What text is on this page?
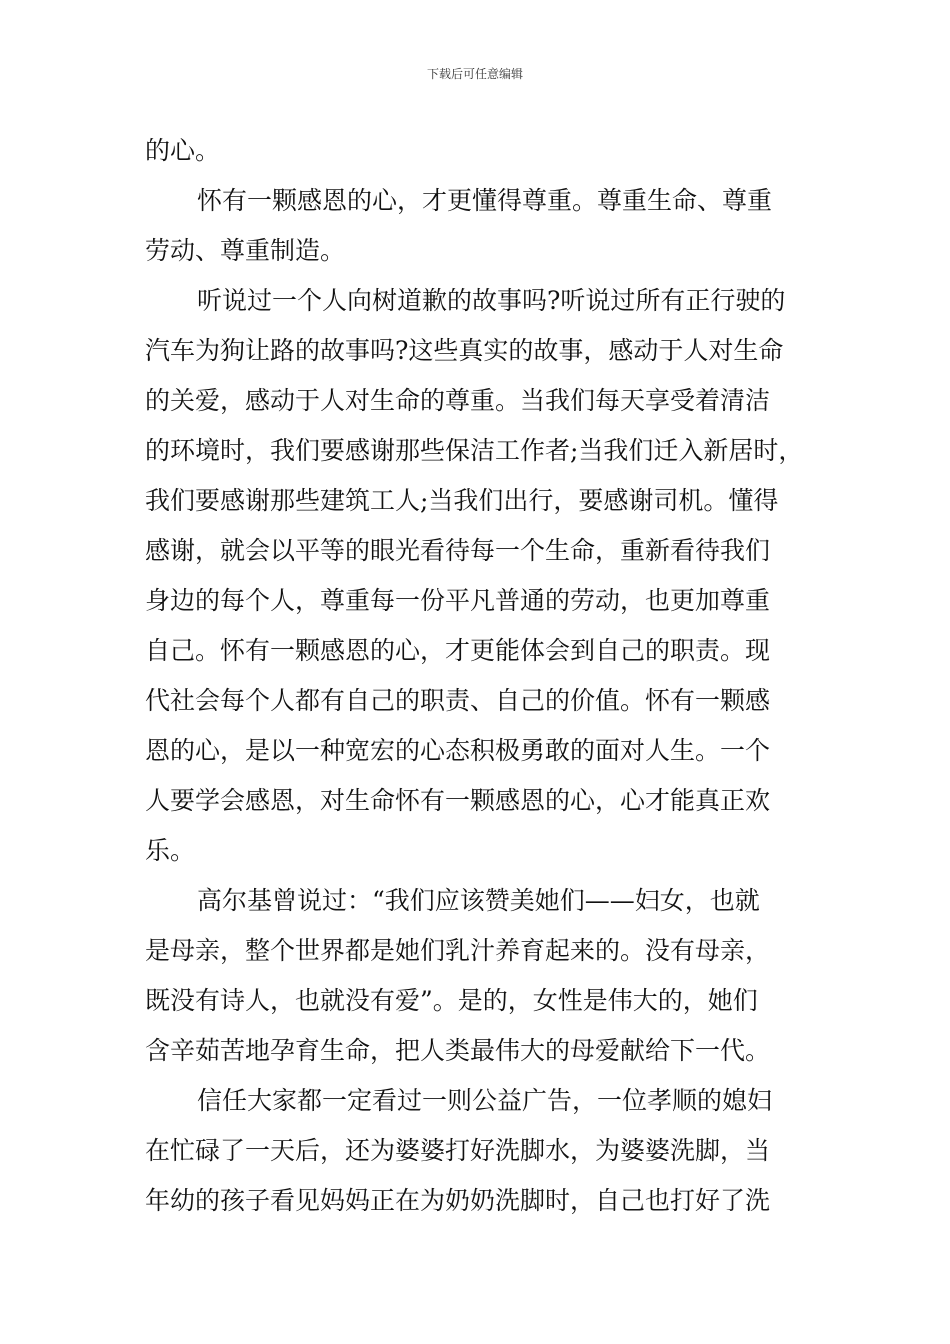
下载后可任意编辑
的心。
怀有一颗感恩的心，才更懂得尊重。尊重生命、尊重
劳动、尊重制造。
听说过一个人向树道歉的故事吗?听说过所有正行驶的
汽车为狗让路的故事吗?这些真实的故事，感动于人对生命
的关爱，感动于人对生命的尊重。当我们每天享受着清洁
的环境时，我们要感谢那些保洁工作者;当我们迁入新居时，
我们要感谢那些建筑工人;当我们出行，要感谢司机。懂得
感谢，就会以平等的眼光看待每一个生命，重新看待我们
身边的每个人，尊重每一份平凡普通的劳动，也更加尊重
自己。怀有一颗感恩的心，才更能体会到自己的职责。现
代社会每个人都有自己的职责、自己的价值。怀有一颗感
恩的心，是以一种宽宏的心态积极勇敢的面对人生。一个
人要学会感恩，对生命怀有一颗感恩的心，心才能真正欢
乐。
高尔基曾说过：“我们应该赞美她们——妇女，也就
是母亲，整个世界都是她们乳汁养育起来的。没有母亲，
既没有诗人，也就没有爱”。是的，女性是伟大的，她们
含辛茹苦地孕育生命，把人类最伟大的母爱献给下一代。
信任大家都一定看过一则公益广告，一位孝顺的媳妇
在忙碌了一天后，还为婆婆打好洗脚水，为婆婆洗脚，当
年幼的孩子看见妈妈正在为奶奶洗脚时，自己也打好了洗
